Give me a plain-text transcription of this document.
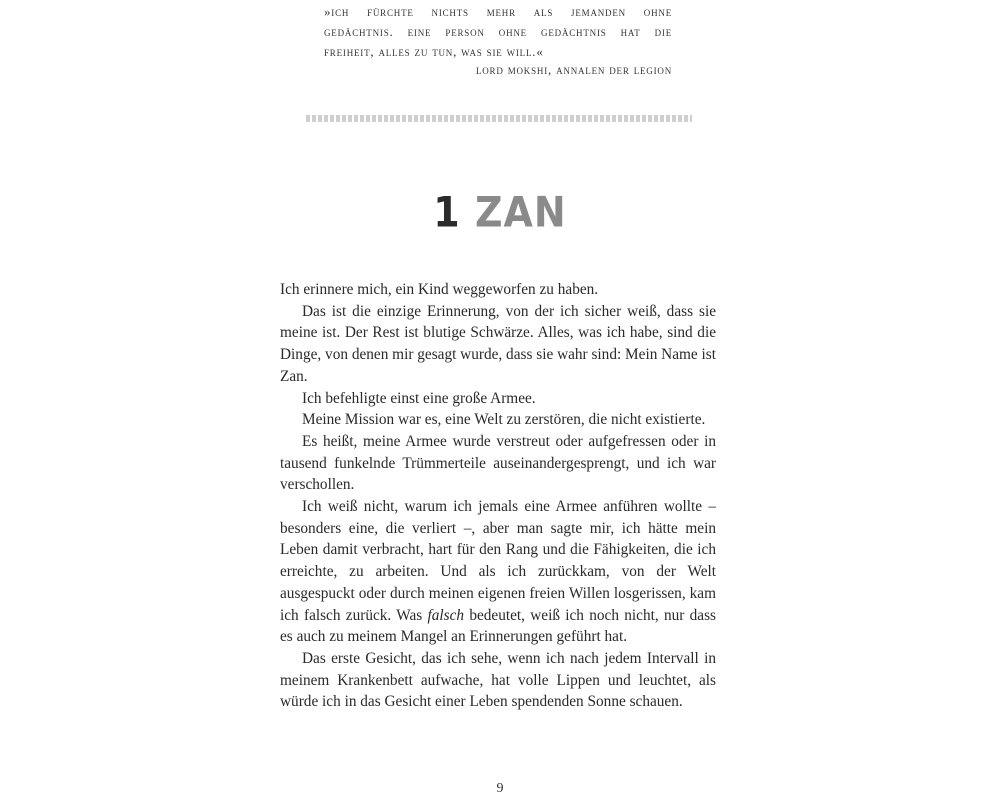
»ich fürchte nichts mehr als jemanden ohne
gedächtnis. eine person ohne gedächtnis hat die
freiheit, alles zu tun, was sie will.«
lord mokshi, annalen der legion
1 ZAN

Ich erinnere mich, ein Kind weggeworfen zu haben.

Das ist die einzige Erinnerung, von der ich sicher weiß, dass sie meine ist. Der Rest ist blutige Schwärze. Alles, was ich habe, sind die Dinge, von denen mir gesagt wurde, dass sie wahr sind: Mein Name ist Zan.

Ich befehligte einst eine große Armee.

Meine Mission war es, eine Welt zu zerstören, die nicht existierte.

Es heißt, meine Armee wurde verstreut oder aufgefressen oder in tausend funkelnde Trümmerteile auseinandergesprengt, und ich war verschollen.

Ich weiß nicht, warum ich jemals eine Armee anführen wollte – besonders eine, die verliert –, aber man sagte mir, ich hätte mein Leben damit verbracht, hart für den Rang und die Fähigkeiten, die ich erreichte, zu arbeiten. Und als ich zurückkam, von der Welt ausgespuckt oder durch meinen eigenen freien Willen losgerissen, kam ich falsch zurück. Was falsch bedeutet, weiß ich noch nicht, nur dass es auch zu meinem Mangel an Erinnerungen geführt hat.

Das erste Gesicht, das ich sehe, wenn ich nach jedem Intervall in meinem Krankenbett aufwache, hat volle Lippen und leuchtet, als würde ich in das Gesicht einer Leben spendenden Sonne schauen.

9
